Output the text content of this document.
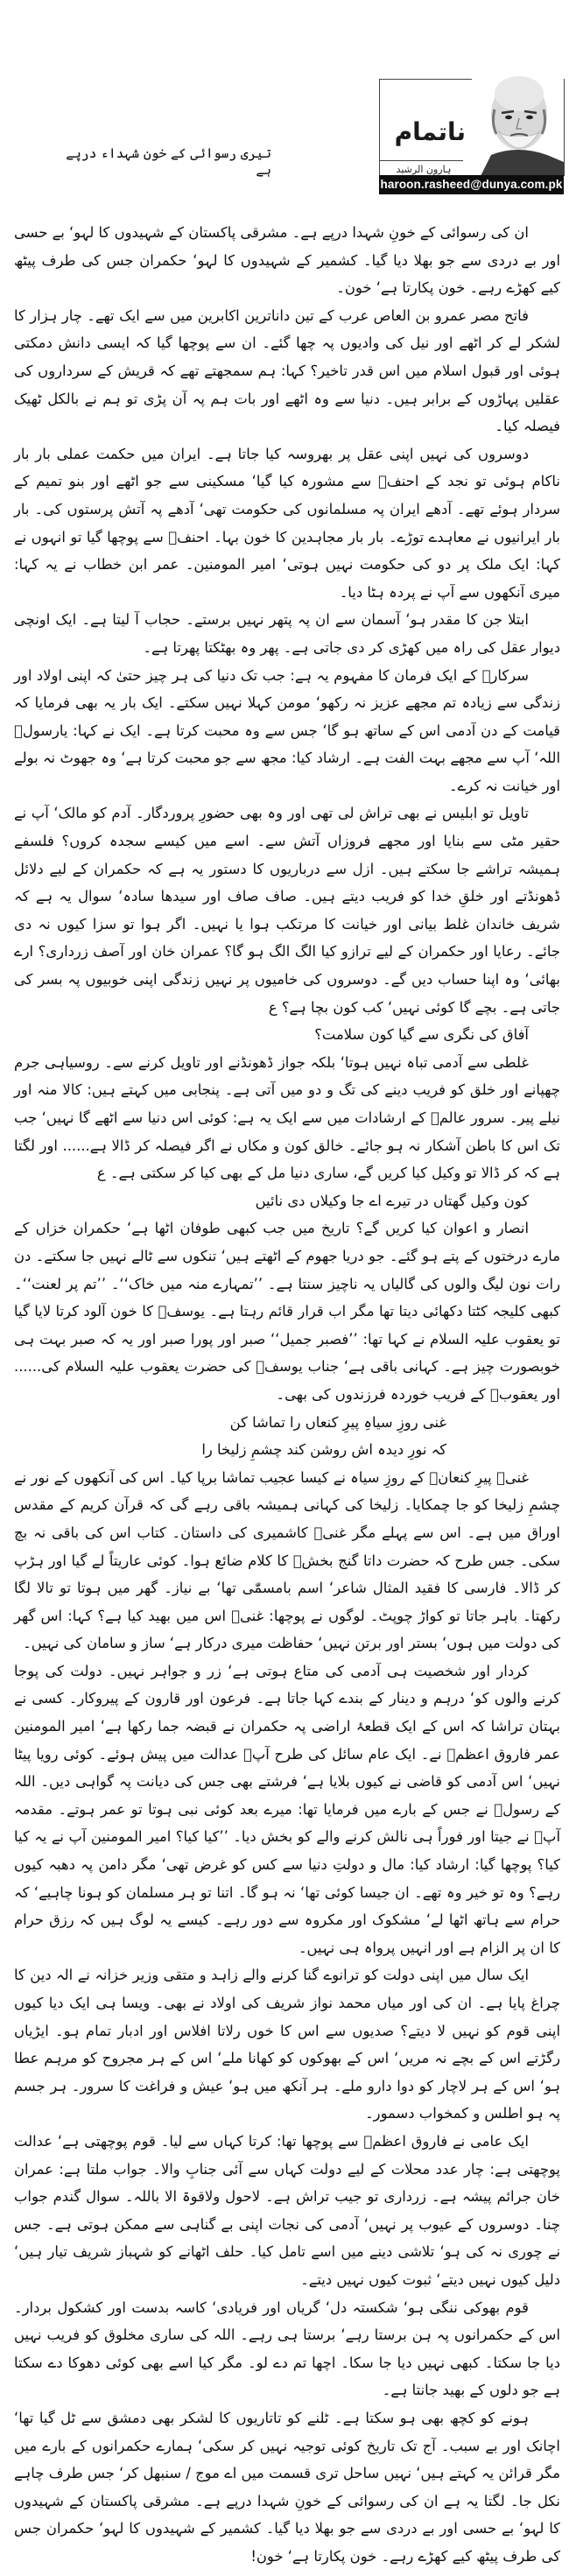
ناتمام
ہارون الرشید
haroon.rasheed@dunya.com.pk
تیری رسوائی کے خونِ شہداء درپے ہے

ان کی رسوائی کے خونِ شہدا درپے ہے۔ مشرقی پاکستان کے شہیدوں کا لہو‘ بے حسی اور بے دردی سے جو بھلا دیا گیا۔ کشمیر کے شہیدوں کا لہو‘ حکمران جس کی طرف پیٹھ کیے کھڑے رہے۔ خون پکارتا ہے‘ خون۔

فاتح مصر عمرو بن العاص عرب کے تین داناترین اکابرین میں سے ایک تھے۔ چار ہزار کا لشکر لے کر اٹھے اور نیل کی وادیوں پہ چھا گئے۔ ان سے پوچھا گیا کہ ایسی دانش دمکتی ہوئی اور قبول اسلام میں اس قدر تاخیر؟ کہا: ہم سمجھتے تھے کہ قریش کے سرداروں کی عقلیں پہاڑوں کے برابر ہیں۔ دنیا سے وہ اٹھے اور بات ہم پہ آن پڑی تو ہم نے بالکل ٹھیک فیصلہ کیا۔

دوسروں کی نہیں اپنی عقل پر بھروسہ کیا جاتا ہے۔ ایران میں حکمت عملی بار بار ناکام ہوئی تو نجد کے احنفؒ سے مشورہ کیا گیا‘ مسکینی سے جو اٹھے اور بنو تمیم کے سردار ہوئے تھے۔ آدھے ایران پہ مسلمانوں کی حکومت تھی‘ آدھے پہ آتش پرستوں کی۔ بار بار ایرانیوں نے معاہدے توڑے۔ بار بار مجاہدین کا خون بہا۔ احنفؒ سے پوچھا گیا تو انہوں نے کہا: ایک ملک پر دو کی حکومت نہیں ہوتی‘ امیر المومنین۔ عمر ابن خطاب نے یہ کہا: میری آنکھوں سے آپ نے پردہ ہٹا دیا۔

ابتلا جن کا مقدر ہو‘ آسمان سے ان پہ پتھر نہیں برستے۔ حجاب آ لیتا ہے۔ ایک اونچی دیوار عقل کی راہ میں کھڑی کر دی جاتی ہے۔ پھر وہ بھٹکتا پھرتا ہے۔

سرکارؐ کے ایک فرمان کا مفہوم یہ ہے: جب تک دنیا کی ہر چیز حتیٰ کہ اپنی اولاد اور زندگی سے زیادہ تم مجھے عزیز نہ رکھو‘ مومن کہلا نہیں سکتے۔ ایک بار یہ بھی فرمایا کہ قیامت کے دن آدمی اس کے ساتھ ہو گا‘ جس سے وہ محبت کرتا ہے۔ ایک نے کہا: یارسولؐ اللہ‘ آپ سے مجھے بہت الفت ہے۔ ارشاد کیا: مجھ سے جو محبت کرتا ہے‘ وہ جھوٹ نہ بولے اور خیانت نہ کرے۔

تاویل تو ابلیس نے بھی تراش لی تھی اور وہ بھی حضورِ پروردگار۔ آدم کو مالک‘ آپ نے حقیر مٹی سے بنایا اور مجھے فروزاں آتش سے۔ اسے میں کیسے سجدہ کروں؟ فلسفے ہمیشہ تراشے جا سکتے ہیں۔ ازل سے درباریوں کا دستور یہ ہے کہ حکمران کے لیے دلائل ڈھونڈتے اور خلقِ خدا کو فریب دیتے ہیں۔ صاف صاف اور سیدھا سادہ‘ سوال یہ ہے کہ شریف خاندان غلط بیانی اور خیانت کا مرتکب ہوا یا نہیں۔ اگر ہوا تو سزا کیوں نہ دی جائے۔ رعایا اور حکمران کے لیے ترازو کیا الگ الگ ہو گا؟ عمران خان اور آصف زرداری؟ ارے بھائی‘ وہ اپنا حساب دیں گے۔ دوسروں کی خامیوں پر نہیں زندگی اپنی خوبیوں پہ بسر کی جاتی ہے۔ بچے گا کوئی نہیں‘ کب کون بچا ہے؟ ع

آفاق کی نگری سے گیا کون سلامت؟

غلطی سے آدمی تباہ نہیں ہوتا‘ بلکہ جواز ڈھونڈنے اور تاویل کرنے سے۔ روسیاہی جرم چھپانے اور خلق کو فریب دینے کی تگ و دو میں آتی ہے۔ پنجابی میں کہتے ہیں: کالا منہ اور نیلے پیر۔ سرور عالمؐ کے ارشادات میں سے ایک یہ ہے: کوئی اس دنیا سے اٹھے گا نہیں‘ جب تک اس کا باطن آشکار نہ ہو جائے۔ خالق کون و مکاں نے اگر فیصلہ کر ڈالا ہے...... اور لگتا ہے کہ کر ڈالا تو وکیل کیا کریں گے، ساری دنیا مل کے بھی کیا کر سکتی ہے۔ ع

کون وکیل گھتاں در تیرے اے جا وکیلاں دی نائیں

انصار و اعوان کیا کریں گے؟ تاریخ میں جب کبھی طوفان اٹھا ہے‘ حکمران خزاں کے مارے درختوں کے پتے ہو گئے۔ جو دریا جھوم کے اٹھتے ہیں‘ تنکوں سے ٹالے نہیں جا سکتے۔ دن رات نون لیگ والوں کی گالیاں یہ ناچیز سنتا ہے۔ ’’تمہارے منہ میں خاک‘‘۔ ’’تم پر لعنت‘‘۔ کبھی کلیجہ کٹتا دکھائی دیتا تھا مگر اب قرار قائم رہتا ہے۔ یوسفؑ کا خون آلود کرتا لایا گیا تو یعقوب علیہ السلام نے کہا تھا: ’’فصبر جمیل‘‘ صبر اور پورا صبر اور یہ کہ صبر بہت ہی خوبصورت چیز ہے۔ کہانی باقی ہے‘ جناب یوسفؑ کی حضرت یعقوب علیہ السلام کی...... اور یعقوبؑ کے فریب خوردہ فرزندوں کی بھی۔

غنی روزِ سیاہِ پیرِ کنعاں را تماشا کن

کہ نورِ دیدہ اش روشن کند چشمِ زلیخا را

غنیؔ پیرِ کنعانؑ کے روزِ سیاہ نے کیسا عجیب تماشا برپا کیا۔ اس کی آنکھوں کے نور نے چشمِ زلیخا کو جا چمکایا۔ زلیخا کی کہانی ہمیشہ باقی رہے گی کہ قرآن کریم کے مقدس اوراق میں ہے۔ اس سے پہلے مگر غنیؔ کاشمیری کی داستان۔ کتاب اس کی باقی نہ بچ سکی۔ جس طرح کہ حضرت داتا گنج بخشؒ کا کلام ضائع ہوا۔ کوئی عاریتاً لے گیا اور ہڑپ کر ڈالا۔ فارسی کا فقید المثال شاعر‘ اسم بامسمّٰی تھا‘ بے نیاز۔ گھر میں ہوتا تو تالا لگا رکھتا۔ باہر جاتا تو کواڑ چوپٹ۔ لوگوں نے پوچھا: غنیؔ اس میں بھید کیا ہے؟ کہا: اس گھر کی دولت میں ہوں‘ بستر اور برتن نہیں‘ حفاظت میری درکار ہے‘ ساز و سامان کی نہیں۔

کردار اور شخصیت ہی آدمی کی متاع ہوتی ہے‘ زر و جواہر نہیں۔ دولت کی پوجا کرنے والوں کو‘ درہم و دینار کے بندے کہا جاتا ہے۔ فرعون اور قارون کے پیروکار۔ کسی نے بہتان تراشا کہ اس کے ایک قطعۂ اراضی پہ حکمران نے قبضہ جما رکھا ہے‘ امیر المومنین عمر فاروق اعظمؓ نے۔ ایک عام سائل کی طرح آپؓ عدالت میں پیش ہوئے۔ کوئی رویا پیٹا نہیں‘ اس آدمی کو قاضی نے کیوں بلایا ہے‘ فرشتے بھی جس کی دیانت پہ گواہی دیں۔ اللہ کے رسولؐ نے جس کے بارے میں فرمایا تھا: میرے بعد کوئی نبی ہوتا تو عمر ہوتے۔ مقدمہ آپؓ نے جیتا اور فوراً ہی نالش کرنے والے کو بخش دیا۔ ’’کیا کیا؟ امیر المومنین آپ نے یہ کیا کیا؟ پوچھا گیا: ارشاد کیا: مال و دولتِ دنیا سے کس کو غرض تھی‘ مگر دامن پہ دھبہ کیوں رہے؟ وہ تو خیر وہ تھے۔ ان جیسا کوئی تھا‘ نہ ہو گا۔ اتنا تو ہر مسلمان کو ہونا چاہیے‘ کہ حرام سے ہاتھ اٹھا لے‘ مشکوک اور مکروہ سے دور رہے۔ کیسے یہ لوگ ہیں کہ رزق حرام کا ان پر الزام ہے اور انہیں پرواہ ہی نہیں۔

ایک سال میں اپنی دولت کو ترانوے گنا کرنے والے زاہد و متقی وزیر خزانہ نے الہ دین کا چراغ پایا ہے۔ ان کی اور میاں محمد نواز شریف کی اولاد نے بھی۔ ویسا ہی ایک دیا کیوں اپنی قوم کو نہیں لا دیتے؟ صدیوں سے اس کا خوں رلاتا افلاس اور ادبار تمام ہو۔ ایڑیاں رگڑتے اس کے بچے نہ مریں‘ اس کے بھوکوں کو کھانا ملے‘ اس کے ہر مجروح کو مرہم عطا ہو‘ اس کے ہر لاچار کو دوا دارو ملے۔ ہر آنکھ میں ہو‘ عیش و فراغت کا سرور۔ ہر جسم پہ ہو اطلس و کمخواب دسمور۔

ایک عامی نے فاروق اعظمؓ سے پوچھا تھا: کرتا کہاں سے لیا۔ قوم پوچھتی ہے‘ عدالت پوچھتی ہے: چار عدد محلات کے لیے دولت کہاں سے آئی جنابِ والا۔ جواب ملتا ہے: عمران خان جرائم پیشہ ہے۔ زرداری تو جیب تراش ہے۔ لاحول ولاقوۃ الا باللہ۔ سوال گندم جواب چنا۔ دوسروں کے عیوب پر نہیں‘ آدمی کی نجات اپنی بے گناہی سے ممکن ہوتی ہے۔ جس نے چوری نہ کی ہو‘ تلاشی دینے میں اسے تامل کیا۔ حلف اٹھانے کو شہباز شریف تیار ہیں‘ دلیل کیوں نہیں دیتے‘ ثبوت کیوں نہیں دیتے۔

قوم بھوکی ننگی ہو‘ شکستہ دل‘ گریاں اور فریادی‘ کاسہ بدست اور کشکول بردار۔ اس کے حکمرانوں پہ ہن برستا رہے‘ برستا ہی رہے۔ اللہ کی ساری مخلوق کو فریب نہیں دیا جا سکتا۔ کبھی نہیں دیا جا سکا۔ اچھا تم دے لو۔ مگر کیا اسے بھی کوئی دھوکا دے سکتا ہے جو دلوں کے بھید جانتا ہے۔

ہونے کو کچھ بھی ہو سکتا ہے۔ ٹلنے کو تاتاریوں کا لشکر بھی دمشق سے ٹل گیا تھا‘ اچانک اور بے سبب۔ آج تک تاریخ کوئی توجیہ نہیں کر سکی‘ ہمارے حکمرانوں کے بارے میں مگر قرائن یہ کہتے ہیں‘ نہیں ساحل تری قسمت میں اے موج / سنبھل کر‘ جس طرف چاہے نکل جا۔ لگتا یہ ہے ان کی رسوائی کے خونِ شہدا درپے ہے۔ مشرقی پاکستان کے شہیدوں کا لہو‘ بے حسی اور بے دردی سے جو بھلا دیا گیا۔ کشمیر کے شہیدوں کا لہو‘ حکمران جس کی طرف پیٹھ کیے کھڑے رہے۔ خون پکارتا ہے‘ خون!
